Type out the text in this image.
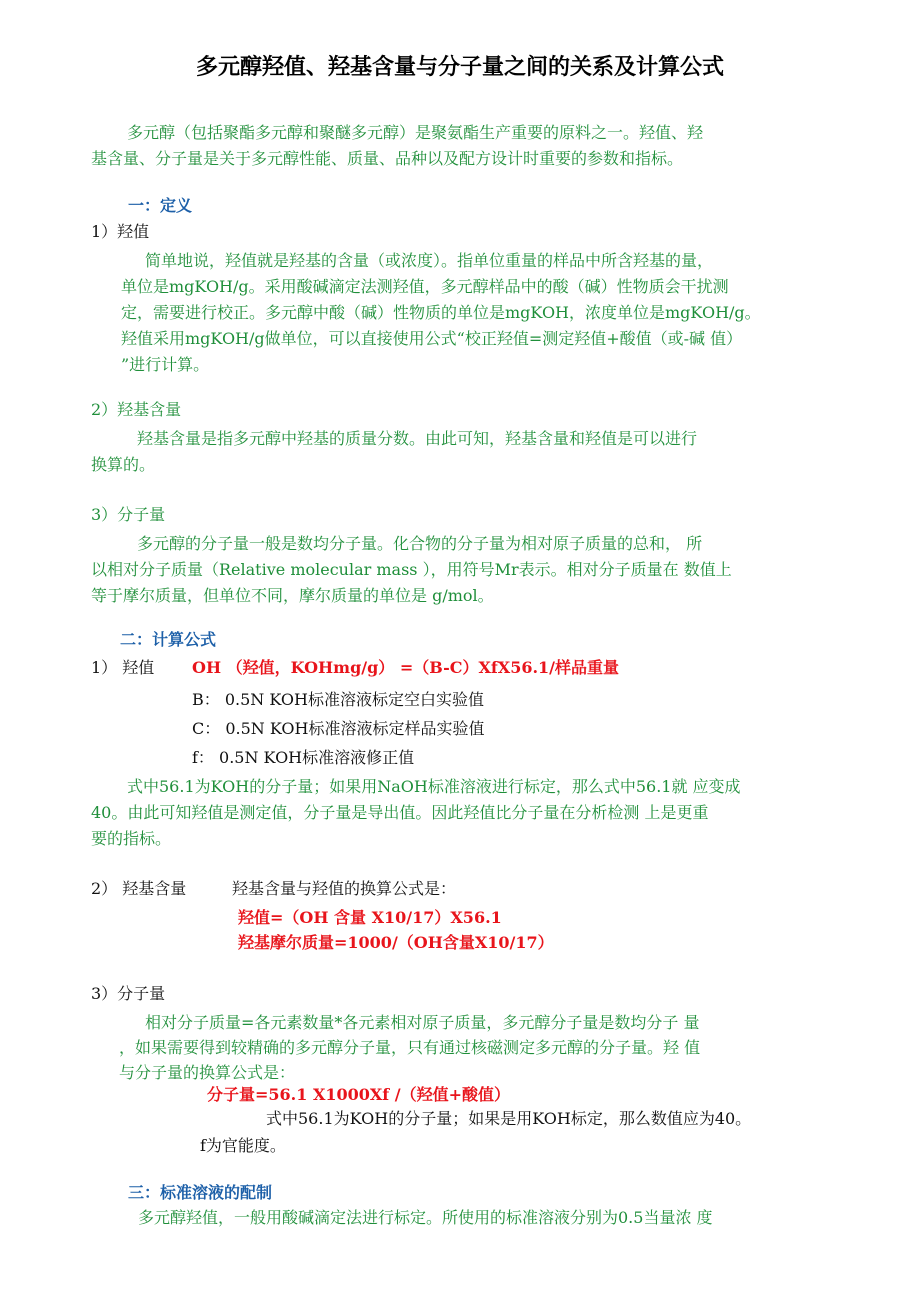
多元醇羟值、羟基含量与分子量之间的关系及计算公式
多元醇（包括聚酯多元醇和聚醚多元醇）是聚氨酯生产重要的原料之一。羟值、羟
基含量、分子量是关于多元醇性能、质量、品种以及配方设计时重要的参数和指标。
一：定义
1）羟值
简单地说，羟值就是羟基的含量（或浓度）。指单位重量的样品中所含羟基的量，
单位是mgKOH/g。采用酸碱滴定法测羟值，多元醇样品中的酸（碱）性物质会干扰测
定，需要进行校正。多元醇中酸（碱）性物质的单位是mgKOH，浓度单位是mgKOH/g。
羟值采用mgKOH/g做单位，可以直接使用公式“校正羟值=测定羟值+酸值（或-碱 值）
”进行计算。
2）羟基含量
羟基含量是指多元醇中羟基的质量分数。由此可知，羟基含量和羟值是可以进行
换算的。
3）分子量
多元醇的分子量一般是数均分子量。化合物的分子量为相对原子质量的总和， 所
以相对分子质量（Relative molecular mass ），用符号Mr表示。相对分子质量在 数值上
等于摩尔质量，但单位不同，摩尔质量的单位是 g/mol。
二：计算公式
1） 羟值 OH （羟值，KOHmg/g） =（B-C）XfX56.1/样品重量
B： 0.5N KOH标准溶液标定空白实验值
C： 0.5N KOH标准溶液标定样品实验值
f： 0.5N KOH标准溶液修正值
式中56.1为KOH的分子量；如果用NaOH标准溶液进行标定，那么式中56.1就 应变成
40。由此可知羟值是测定值，分子量是导出值。因此羟值比分子量在分析检测 上是更重
要的指标。
2） 羟基含量	羟基含量与羟值的换算公式是：
羟值=（OH 含量 X10/17）X56.1
羟基摩尔质量=1000/（OH含量X10/17）
3）分子量
相对分子质量=各元素数量*各元素相对原子质量，多元醇分子量是数均分子 量
，如果需要得到较精确的多元醇分子量，只有通过核磁测定多元醇的分子量。羟 值
与分子量的换算公式是：
分子量=56.1 X1000Xf /（羟值+酸值）
式中56.1为KOH的分子量；如果是用KOH标定，那么数值应为40。
f为官能度。
三：标准溶液的配制
多元醇羟值，一般用酸碱滴定法进行标定。所使用的标准溶液分别为0.5当量浓 度
